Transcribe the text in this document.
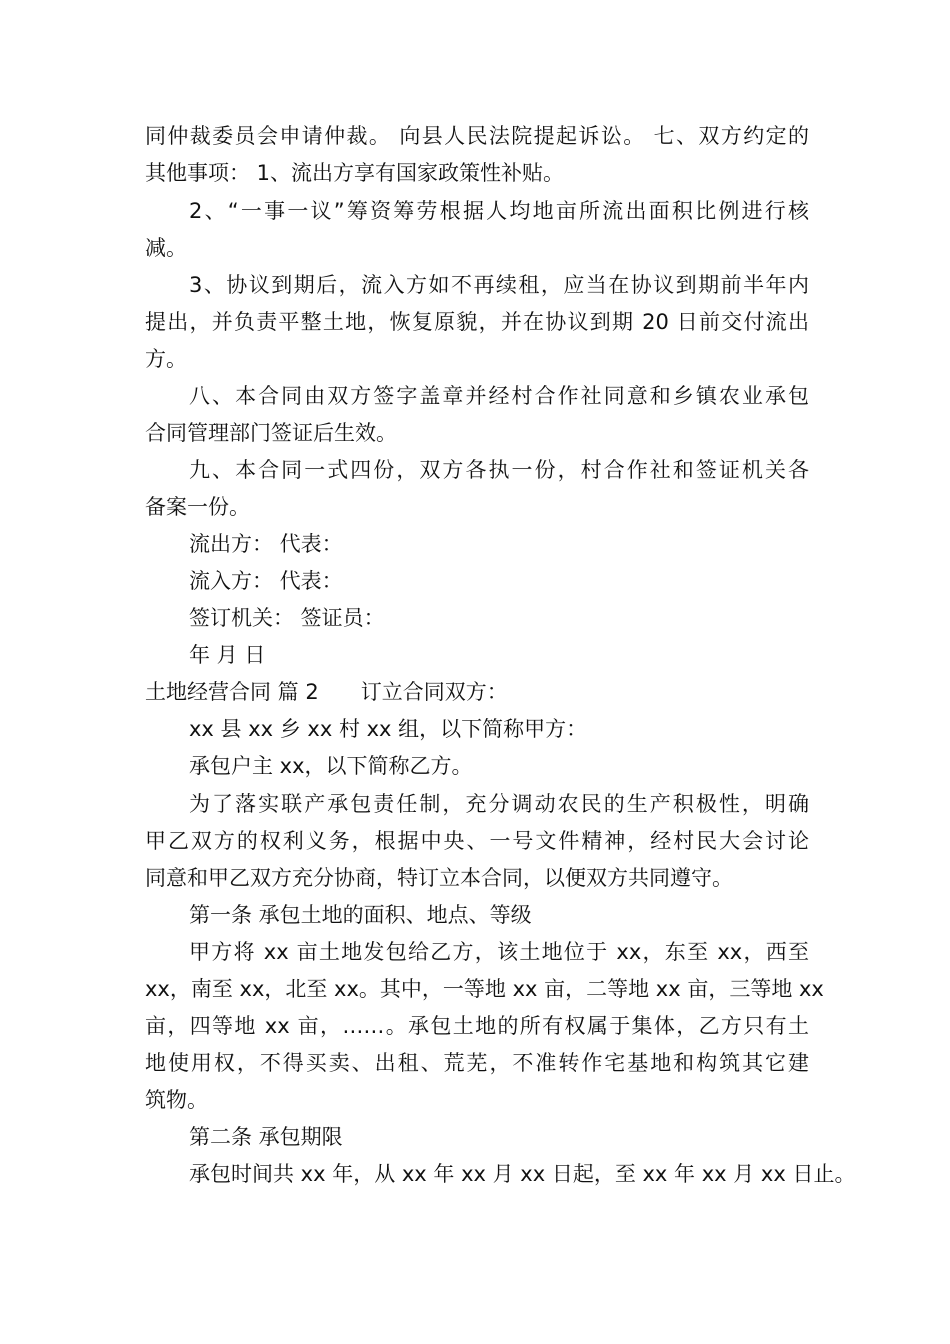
同仲裁委员会申请仲裁。 向县人民法院提起诉讼。 七、双方约定的
其他事项： 1、流出方享有国家政策性补贴。
2、“一事一议”筹资筹劳根据人均地亩所流出面积比例进行核
减。
3、协议到期后，流入方如不再续租，应当在协议到期前半年内
提出，并负责平整土地，恢复原貌，并在协议到期 20 日前交付流出
方。
八、本合同由双方签字盖章并经村合作社同意和乡镇农业承包
合同管理部门签证后生效。
九、本合同一式四份，双方各执一份，村合作社和签证机关各
备案一份。
流出方： 代表：
流入方： 代表：
签订机关： 签证员：
年 月 日
土地经营合同 篇 2　　订立合同双方：
xx 县 xx 乡 xx 村 xx 组，以下简称甲方：
承包户主 xx，以下简称乙方。
为了落实联产承包责任制，充分调动农民的生产积极性，明确
甲乙双方的权利义务，根据中央、一号文件精神，经村民大会讨论
同意和甲乙双方充分协商，特订立本合同，以便双方共同遵守。
第一条 承包土地的面积、地点、等级
甲方将 xx 亩土地发包给乙方，该土地位于 xx，东至 xx，西至
xx，南至 xx，北至 xx。其中，一等地 xx 亩，二等地 xx 亩，三等地 xx
亩，四等地 xx 亩，……。承包土地的所有权属于集体，乙方只有土
地使用权，不得买卖、出租、荒芜，不准转作宅基地和构筑其它建
筑物。
第二条 承包期限
承包时间共 xx 年，从 xx 年 xx 月 xx 日起，至 xx 年 xx 月 xx 日止。
